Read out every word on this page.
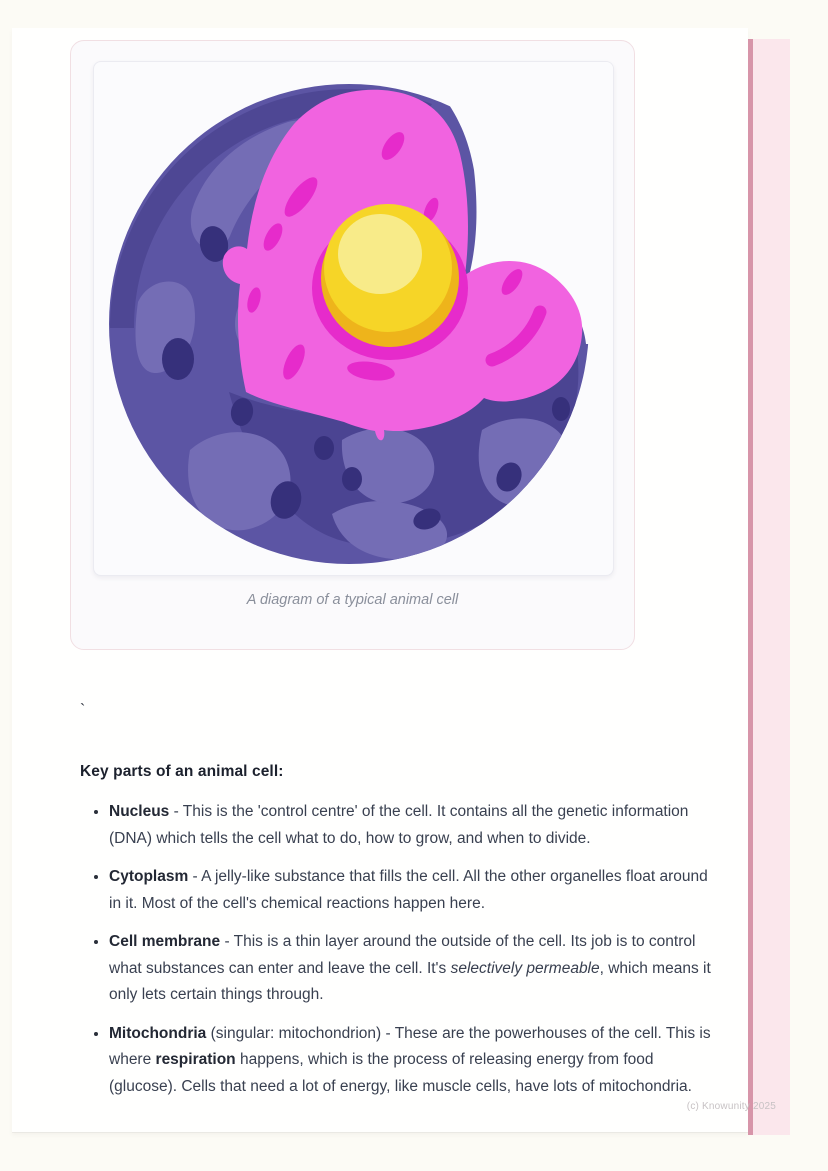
A diagram of a typical animal cell
`
Key parts of an animal cell:
• Nucleus - This is the 'control centre' of the cell. It contains all the genetic information (DNA) which tells the cell what to do, how to grow, and when to divide.
• Cytoplasm - A jelly-like substance that fills the cell. All the other organelles float around in it. Most of the cell's chemical reactions happen here.
• Cell membrane - This is a thin layer around the outside of the cell. Its job is to control what substances can enter and leave the cell. It's selectively permeable, which means it only lets certain things through.
• Mitochondria (singular: mitochondrion) - These are the powerhouses of the cell. This is where respiration happens, which is the process of releasing energy from food (glucose). Cells that need a lot of energy, like muscle cells, have lots of mitochondria.
(c) Knowunity 2025
